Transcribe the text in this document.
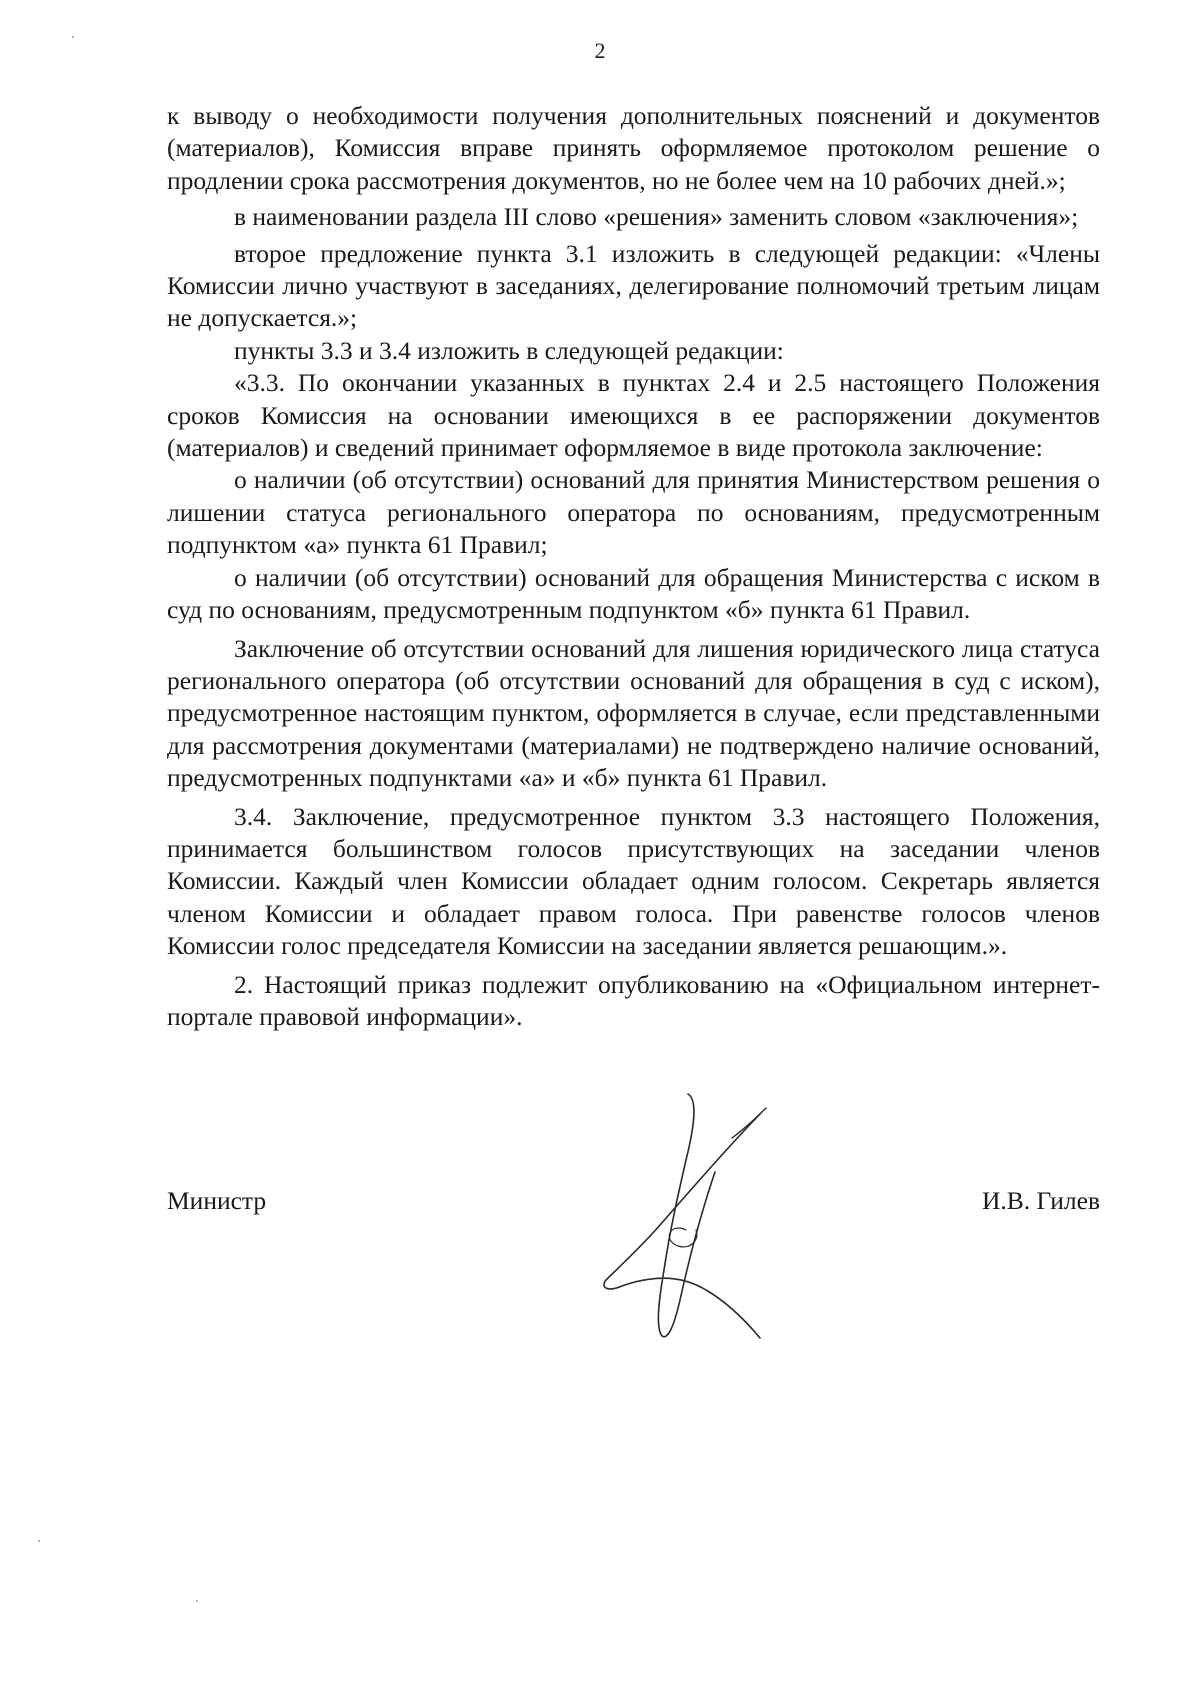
2

к выводу о необходимости получения дополнительных пояснений и документов (материалов), Комиссия вправе принять оформляемое протоколом решение о продлении срока рассмотрения документов, но не более чем на 10 рабочих дней.»;

в наименовании раздела III слово «решения» заменить словом «заключения»;

второе предложение пункта 3.1 изложить в следующей редакции: «Члены Комиссии лично участвуют в заседаниях, делегирование полномочий третьим лицам не допускается.»;

пункты 3.3 и 3.4 изложить в следующей редакции:

«3.3. По окончании указанных в пунктах 2.4 и 2.5 настоящего Положения сроков Комиссия на основании имеющихся в ее распоряжении документов (материалов) и сведений принимает оформляемое в виде протокола заключение:

о наличии (об отсутствии) оснований для принятия Министерством решения о лишении статуса регионального оператора по основаниям, предусмотренным подпунктом «а» пункта 61 Правил;

о наличии (об отсутствии) оснований для обращения Министерства с иском в суд по основаниям, предусмотренным подпунктом «б» пункта 61 Правил.

Заключение об отсутствии оснований для лишения юридического лица статуса регионального оператора (об отсутствии оснований для обращения в суд с иском), предусмотренное настоящим пунктом, оформляется в случае, если представленными для рассмотрения документами (материалами) не подтверждено наличие оснований, предусмотренных подпунктами «а» и «б» пункта 61 Правил.

3.4. Заключение, предусмотренное пунктом 3.3 настоящего Положения, принимается большинством голосов присутствующих на заседании членов Комиссии. Каждый член Комиссии обладает одним голосом. Секретарь является членом Комиссии и обладает правом голоса. При равенстве голосов членов Комиссии голос председателя Комиссии на заседании является решающим.».

2. Настоящий приказ подлежит опубликованию на «Официальном интернет-портале правовой информации».

Министр	И.В. Гилев
